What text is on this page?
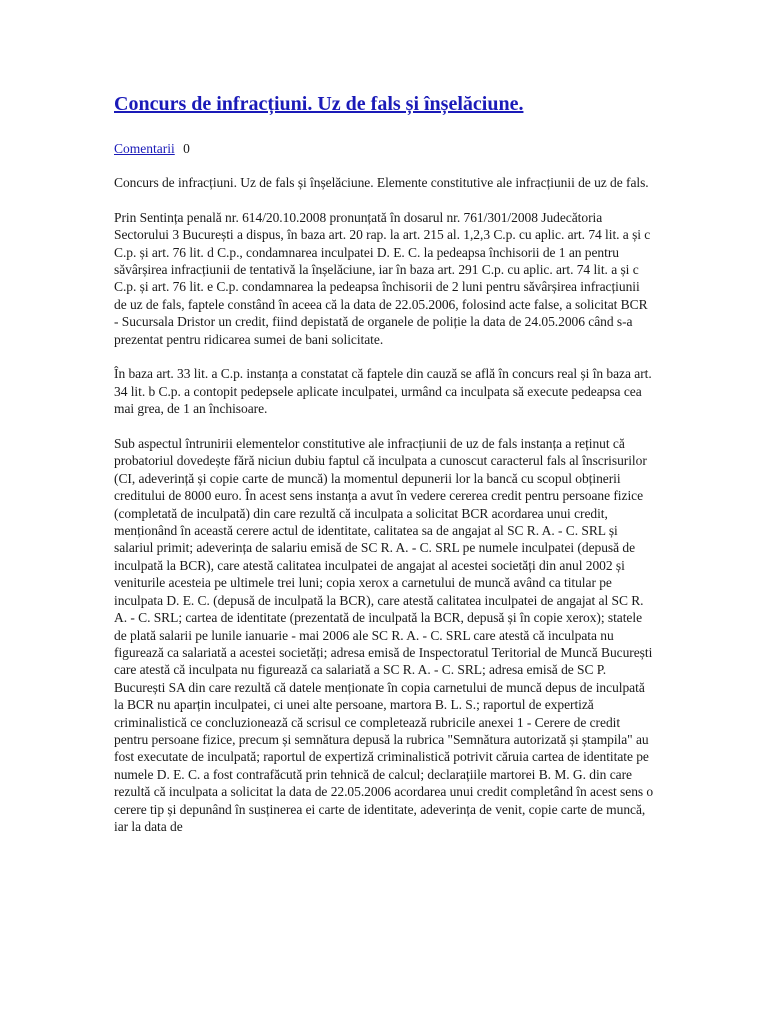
Concurs de infracțiuni. Uz de fals și înșelăciune.
Comentarii 0

Concurs de infracțiuni. Uz de fals și înșelăciune. Elemente constitutive ale infracțiunii de uz de fals.

Prin Sentința penală nr. 614/20.10.2008 pronunțată în dosarul nr. 761/301/2008 Judecătoria Sectorului 3 București a dispus, în baza art. 20 rap. la art. 215 al. 1,2,3 C.p. cu aplic. art. 74 lit. a și c C.p. și art. 76 lit. d C.p., condamnarea inculpatei D. E. C. la pedeapsa închisorii de 1 an pentru săvârșirea infracțiunii de tentativă la înșelăciune, iar în baza art. 291 C.p. cu aplic. art. 74 lit. a și c C.p. și art. 76 lit. e C.p. condamnarea la pedeapsa închisorii de 2 luni pentru săvârșirea infracțiunii de uz de fals, faptele constând în aceea că la data de 22.05.2006, folosind acte false, a solicitat BCR - Sucursala Dristor un credit, fiind depistată de organele de poliție la data de 24.05.2006 când s-a prezentat pentru ridicarea sumei de bani solicitate.

În baza art. 33 lit. a C.p. instanța a constatat că faptele din cauză se află în concurs real și în baza art. 34 lit. b C.p. a contopit pedepsele aplicate inculpatei, urmând ca inculpata să execute pedeapsa cea mai grea, de 1 an închisoare.

Sub aspectul întrunirii elementelor constitutive ale infracțiunii de uz de fals instanța a reținut că probatoriul dovedește fără niciun dubiu faptul că inculpata a cunoscut caracterul fals al înscrisurilor (CI, adeverință și copie carte de muncă) la momentul depunerii lor la bancă cu scopul obținerii creditului de 8000 euro. În acest sens instanța a avut în vedere cererea credit pentru persoane fizice (completată de inculpată) din care rezultă că inculpata a solicitat BCR acordarea unui credit, menționând în această cerere actul de identitate, calitatea sa de angajat al SC R. A. - C. SRL și salariul primit; adeverința de salariu emisă de SC R. A. - C. SRL pe numele inculpatei (depusă de inculpată la BCR), care atestă calitatea inculpatei de angajat al acestei societăți din anul 2002 și veniturile acesteia pe ultimele trei luni; copia xerox a carnetului de muncă având ca titular pe inculpata D. E. C. (depusă de inculpată la BCR), care atestă calitatea inculpatei de angajat al SC R. A. - C. SRL; cartea de identitate (prezentată de inculpată la BCR, depusă și în copie xerox); statele de plată salarii pe lunile ianuarie - mai 2006 ale SC R. A. - C. SRL care atestă că inculpata nu figurează ca salariată a acestei societăți; adresa emisă de Inspectoratul Teritorial de Muncă București care atestă că inculpata nu figurează ca salariată a SC R. A. - C. SRL; adresa emisă de SC P. București SA din care rezultă că datele menționate în copia carnetului de muncă depus de inculpată la BCR nu aparțin inculpatei, ci unei alte persoane, martora B. L. S.; raportul de expertiză criminalistică ce concluzionează că scrisul ce completează rubricile anexei 1 - Cerere de credit pentru persoane fizice, precum și semnătura depusă la rubrica "Semnătura autorizată și ștampila" au fost executate de inculpată; raportul de expertiză criminalistică potrivit căruia cartea de identitate pe numele D. E. C. a fost contrafăcută prin tehnică de calcul; declarațiile martorei B. M. G. din care rezultă că inculpata a solicitat la data de 22.05.2006 acordarea unui credit completând în acest sens o cerere tip și depunând în susținerea ei carte de identitate, adeverința de venit, copie carte de muncă, iar la data de
